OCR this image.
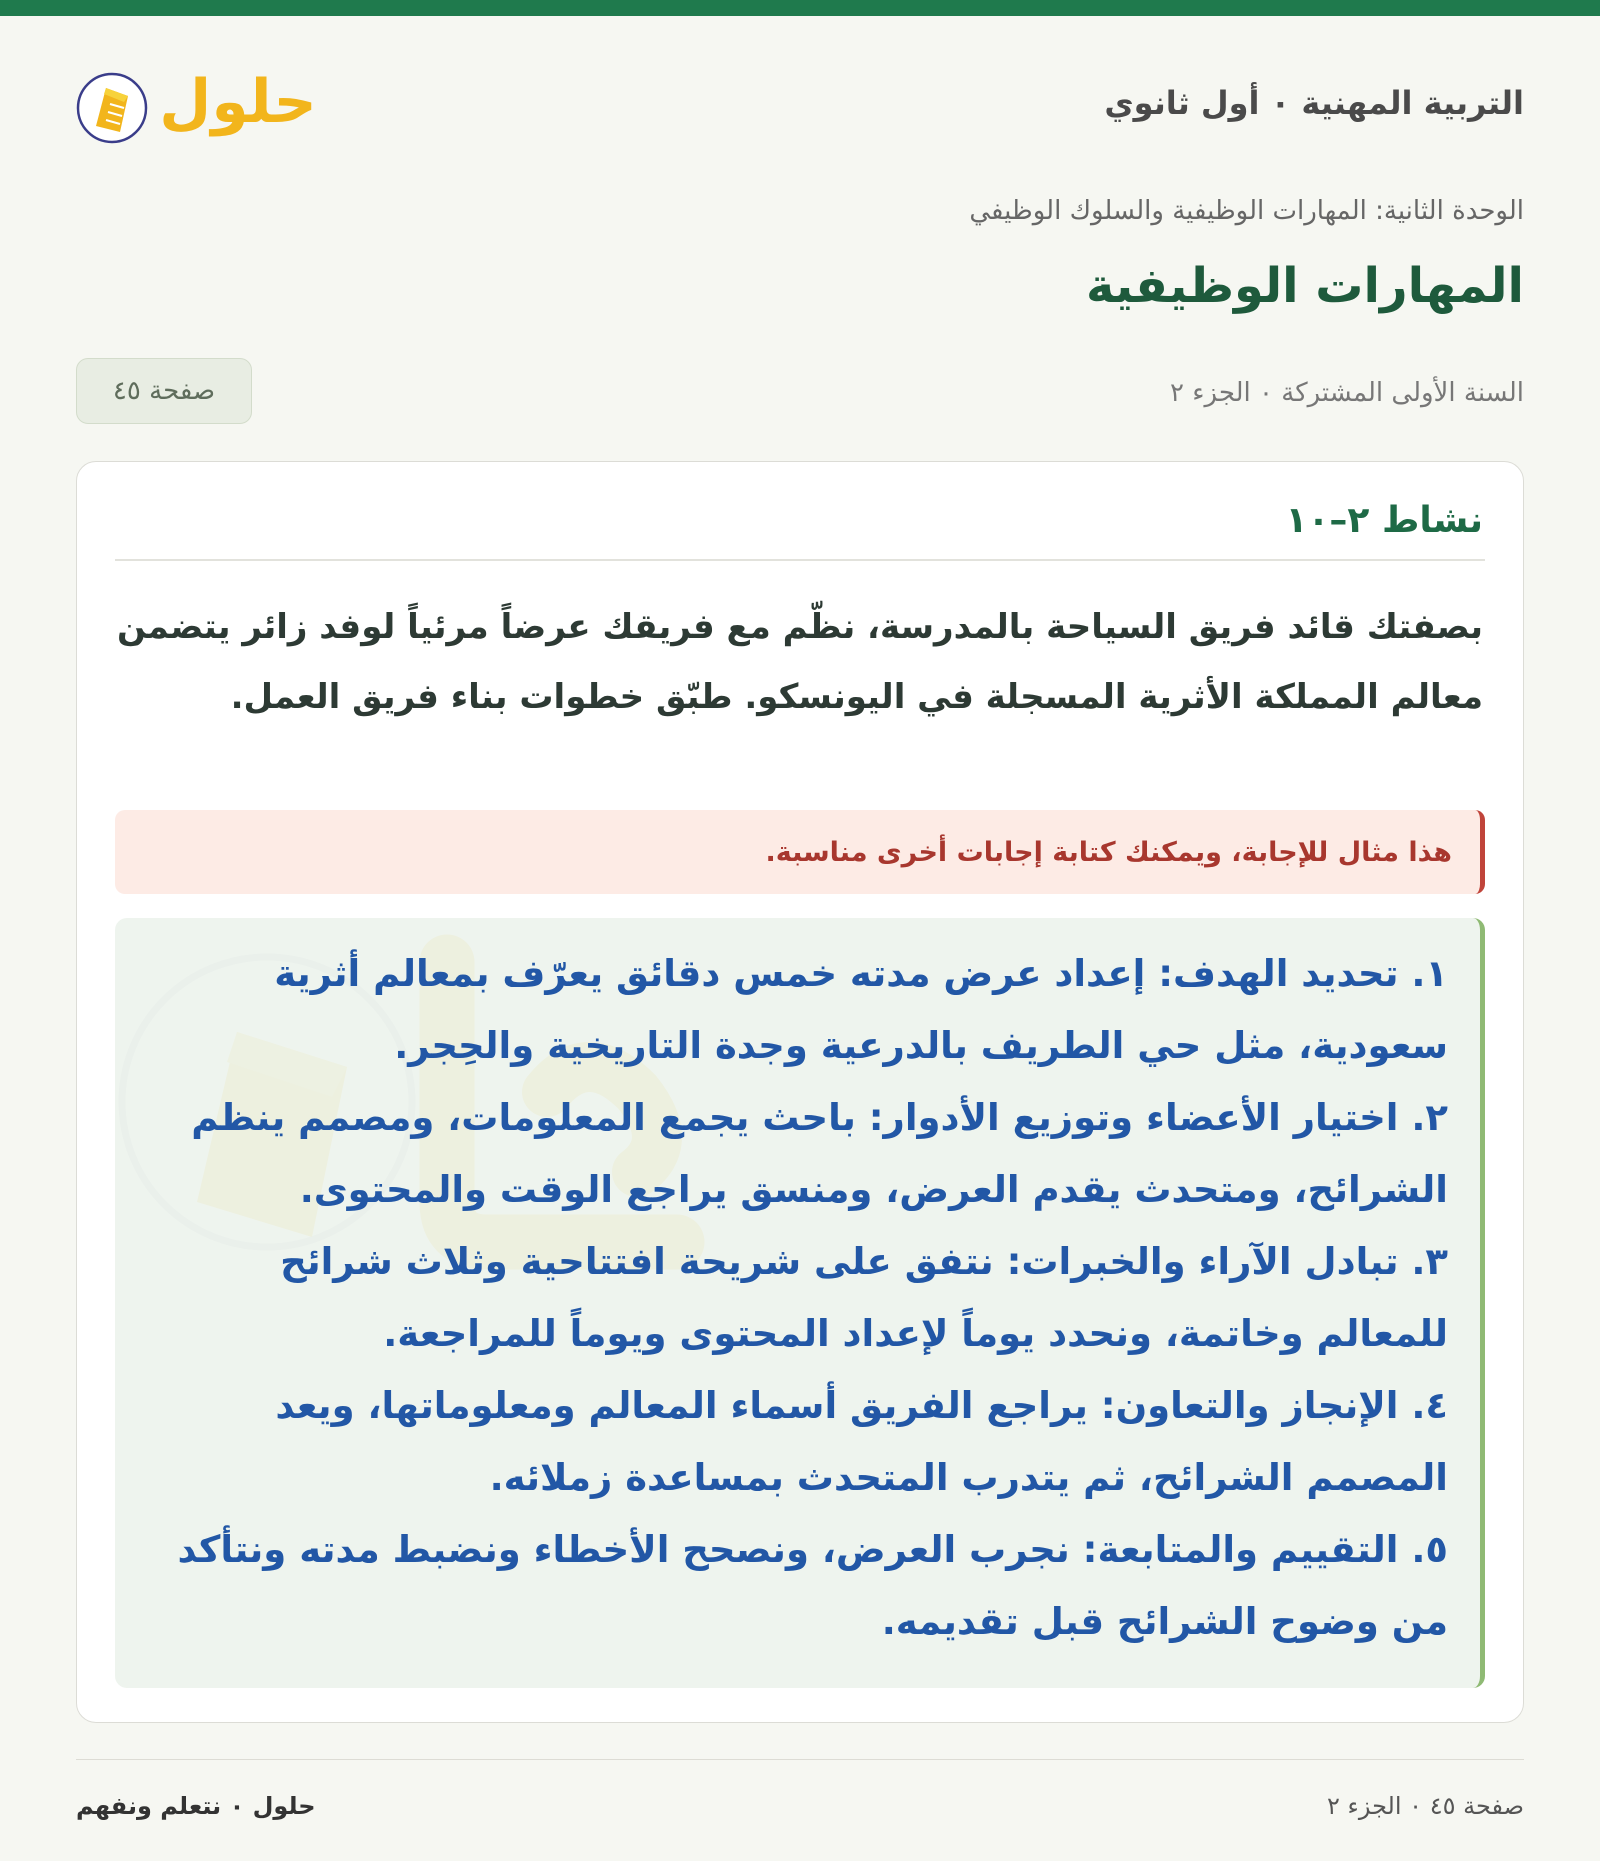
التربية المهنية ٠ أول ثانوي
حلول
الوحدة الثانية: المهارات الوظيفية والسلوك الوظيفي
المهارات الوظيفية
السنة الأولى المشتركة ٠ الجزء ٢
صفحة ٤٥
نشاط ٢–١٠

بصفتك قائد فريق السياحة بالمدرسة، نظّم مع فريقك عرضاً مرئياً لوفد زائر يتضمن معالم المملكة الأثرية المسجلة في اليونسكو. طبّق خطوات بناء فريق العمل.

هذا مثال للإجابة، ويمكنك كتابة إجابات أخرى مناسبة.
١. تحديد الهدف: إعداد عرض مدته خمس دقائق يعرّف بمعالم أثرية سعودية، مثل حي الطريف بالدرعية وجدة التاريخية والحِجر.
٢. اختيار الأعضاء وتوزيع الأدوار: باحث يجمع المعلومات، ومصمم ينظم الشرائح، ومتحدث يقدم العرض، ومنسق يراجع الوقت والمحتوى.
٣. تبادل الآراء والخبرات: نتفق على شريحة افتتاحية وثلاث شرائح للمعالم وخاتمة، ونحدد يوماً لإعداد المحتوى ويوماً للمراجعة.
٤. الإنجاز والتعاون: يراجع الفريق أسماء المعالم ومعلوماتها، ويعد المصمم الشرائح، ثم يتدرب المتحدث بمساعدة زملائه.
٥. التقييم والمتابعة: نجرب العرض، ونصحح الأخطاء ونضبط مدته ونتأكد من وضوح الشرائح قبل تقديمه.
صفحة ٤٥ ٠ الجزء ٢
حلول ٠ نتعلم ونفهم
